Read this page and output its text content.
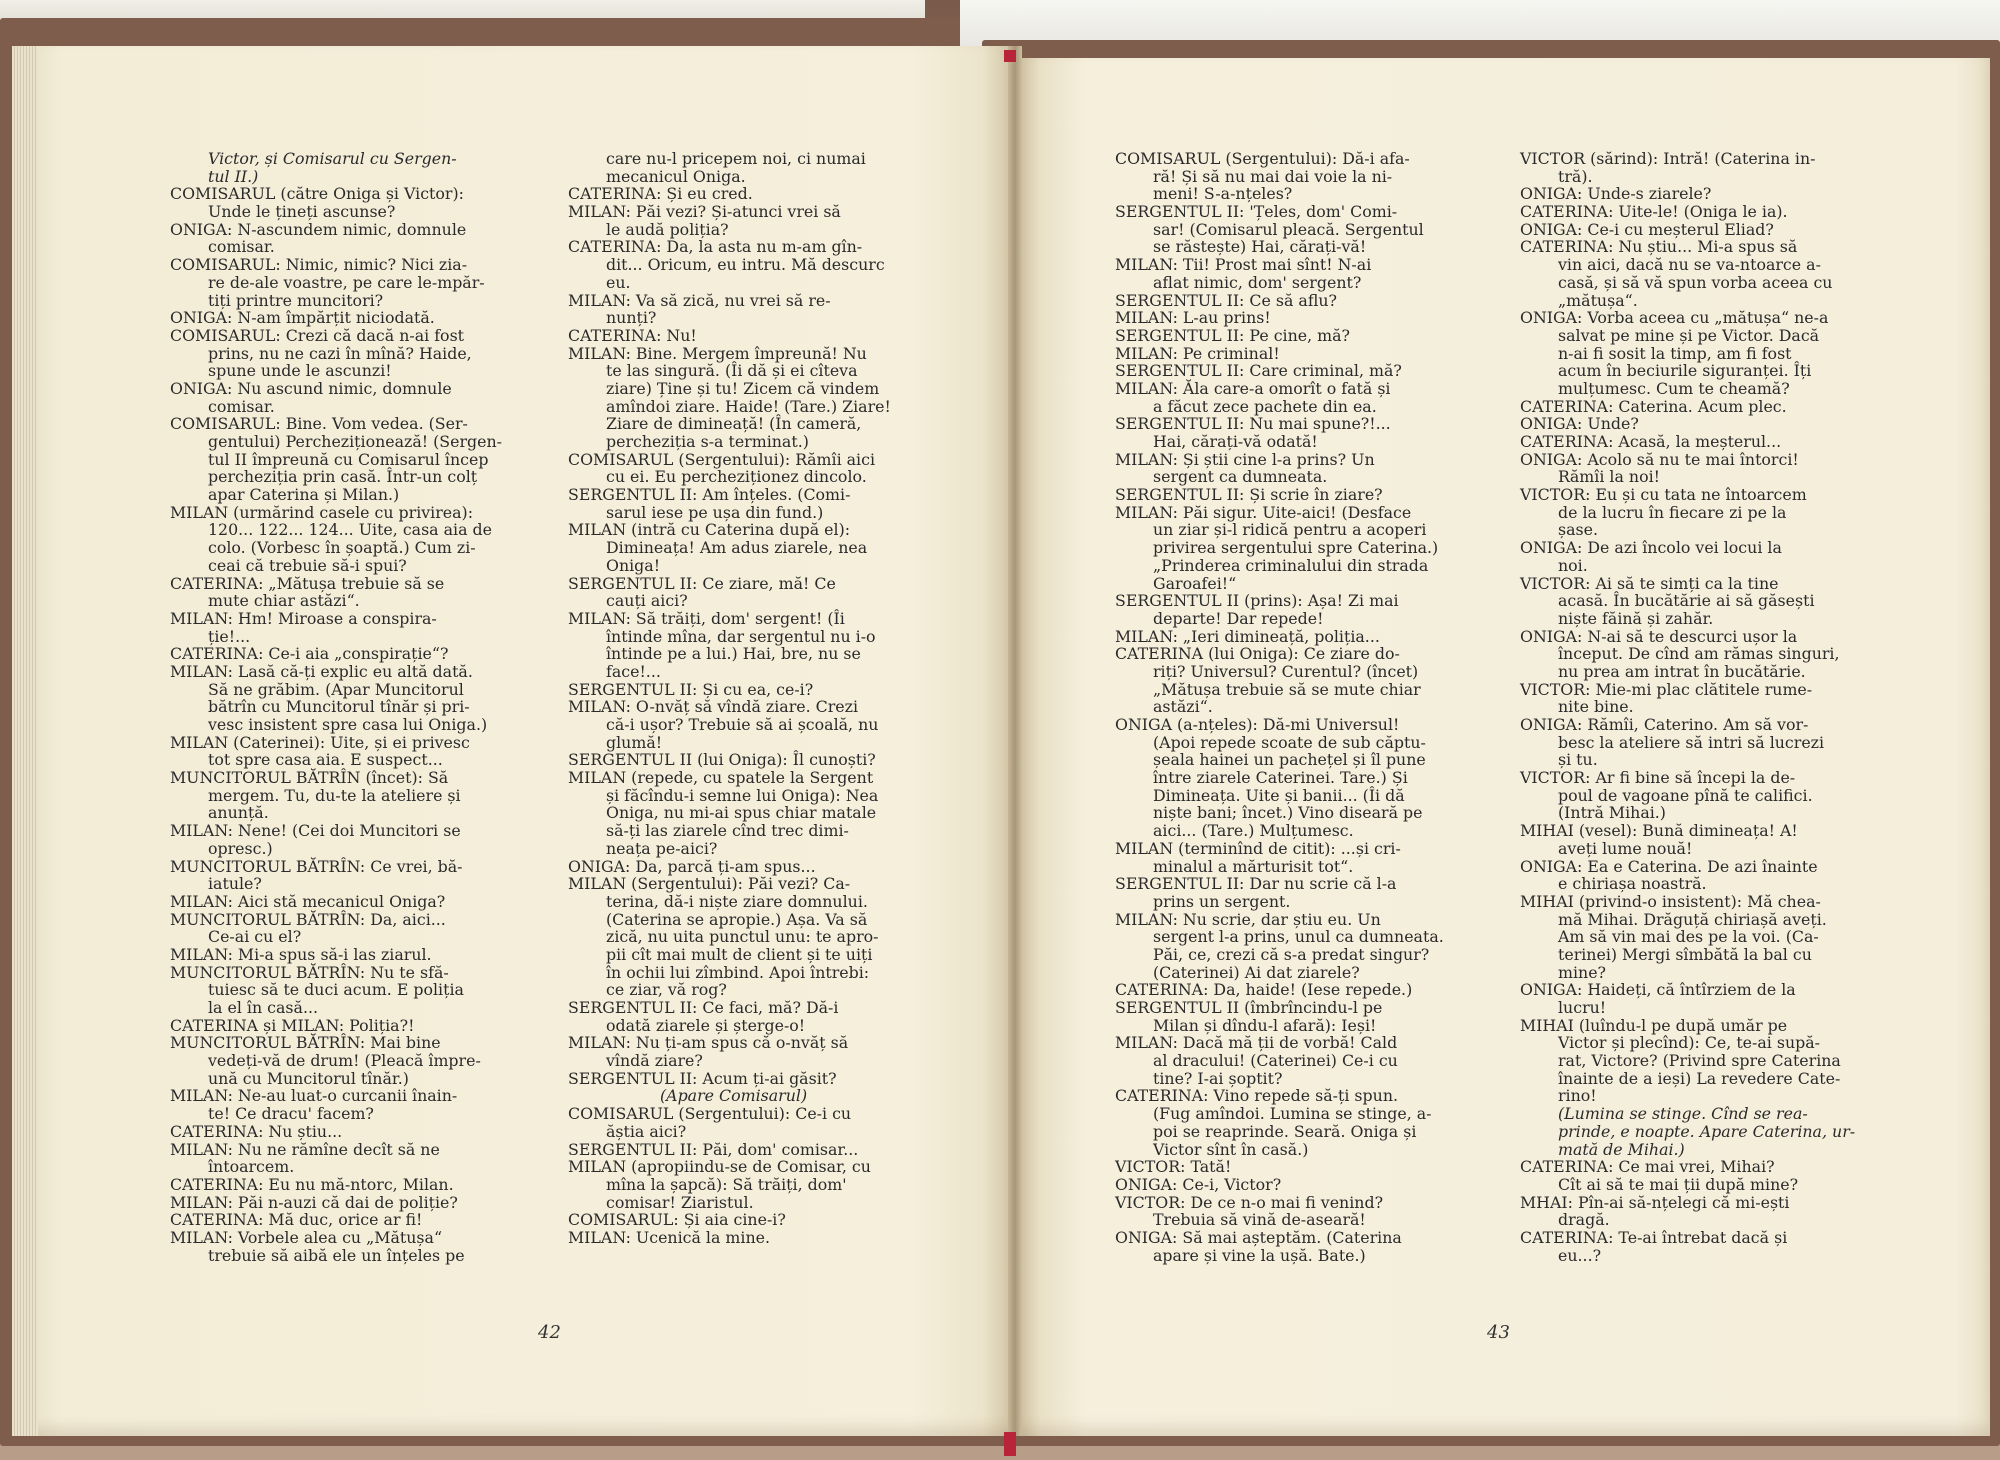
Victor, și Comisarul cu Sergen-
tul II.)
COMISARUL (către Oniga și Victor):
Unde le țineți ascunse?
ONIGA: N-ascundem nimic, domnule
comisar.
COMISARUL: Nimic, nimic? Nici zia-
re de-ale voastre, pe care le-mpăr-
tiți printre muncitori?
ONIGA: N-am împărțit niciodată.
COMISARUL: Crezi că dacă n-ai fost
prins, nu ne cazi în mînă? Haide,
spune unde le ascunzi!
ONIGA: Nu ascund nimic, domnule
comisar.
COMISARUL: Bine. Vom vedea. (Ser-
gentului) Percheziționează! (Sergen-
tul II împreună cu Comisarul încep
percheziția prin casă. Într-un colț
apar Caterina și Milan.)
MILAN (urmărind casele cu privirea):
120... 122... 124... Uite, casa aia de
colo. (Vorbesc în șoaptă.) Cum zi-
ceai că trebuie să-i spui?
CATERINA: „Mătușa trebuie să se
mute chiar astăzi“.
MILAN: Hm! Miroase a conspira-
ție!...
CATERINA: Ce-i aia „conspirație“?
MILAN: Lasă că-ți explic eu altă dată.
Să ne grăbim. (Apar Muncitorul
bătrîn cu Muncitorul tînăr și pri-
vesc insistent spre casa lui Oniga.)
MILAN (Caterinei): Uite, și ei privesc
tot spre casa aia. E suspect...
MUNCITORUL BĂTRÎN (încet): Să
mergem. Tu, du-te la ateliere și
anunță.
MILAN: Nene! (Cei doi Muncitori se
opresc.)
MUNCITORUL BĂTRÎN: Ce vrei, bă-
iatule?
MILAN: Aici stă mecanicul Oniga?
MUNCITORUL BĂTRÎN: Da, aici...
Ce-ai cu el?
MILAN: Mi-a spus să-i las ziarul.
MUNCITORUL BĂTRÎN: Nu te sfă-
tuiesc să te duci acum. E poliția
la el în casă...
CATERINA și MILAN: Poliția?!
MUNCITORUL BĂTRÎN: Mai bine
vedeți-vă de drum! (Pleacă împre-
ună cu Muncitorul tînăr.)
MILAN: Ne-au luat-o curcanii înain-
te! Ce dracu' facem?
CATERINA: Nu știu...
MILAN: Nu ne rămîne decît să ne
întoarcem.
CATERINA: Eu nu mă-ntorc, Milan.
MILAN: Păi n-auzi că dai de poliție?
CATERINA: Mă duc, orice ar fi!
MILAN: Vorbele alea cu „Mătușa“
trebuie să aibă ele un înțeles pe
care nu-l pricepem noi, ci numai
mecanicul Oniga.
CATERINA: Și eu cred.
MILAN: Păi vezi? Și-atunci vrei să
le audă poliția?
CATERINA: Da, la asta nu m-am gîn-
dit... Oricum, eu intru. Mă descurc
eu.
MILAN: Va să zică, nu vrei să re-
nunți?
CATERINA: Nu!
MILAN: Bine. Mergem împreună! Nu
te las singură. (Îi dă și ei cîteva
ziare) Ține și tu! Zicem că vindem
amîndoi ziare. Haide! (Tare.) Ziare!
Ziare de dimineață! (În cameră,
percheziția s-a terminat.)
COMISARUL (Sergentului): Rămîi aici
cu ei. Eu percheziționez dincolo.
SERGENTUL II: Am înțeles. (Comi-
sarul iese pe ușa din fund.)
MILAN (intră cu Caterina după el):
Dimineața! Am adus ziarele, nea
Oniga!
SERGENTUL II: Ce ziare, mă! Ce
cauți aici?
MILAN: Să trăiți, dom' sergent! (Îi
întinde mîna, dar sergentul nu i-o
întinde pe a lui.) Hai, bre, nu se
face!...
SERGENTUL II: Și cu ea, ce-i?
MILAN: O-nvăț să vîndă ziare. Crezi
că-i ușor? Trebuie să ai școală, nu
glumă!
SERGENTUL II (lui Oniga): Îl cunoști?
MILAN (repede, cu spatele la Sergent
și făcîndu-i semne lui Oniga): Nea
Oniga, nu mi-ai spus chiar matale
să-ți las ziarele cînd trec dimi-
neața pe-aici?
ONIGA: Da, parcă ți-am spus...
MILAN (Sergentului): Păi vezi? Ca-
terina, dă-i niște ziare domnului.
(Caterina se apropie.) Așa. Va să
zică, nu uita punctul unu: te apro-
pii cît mai mult de client și te uiți
în ochii lui zîmbind. Apoi întrebi:
ce ziar, vă rog?
SERGENTUL II: Ce faci, mă? Dă-i
odată ziarele și șterge-o!
MILAN: Nu ți-am spus că o-nvăț să
vîndă ziare?
SERGENTUL II: Acum ți-ai găsit?
(Apare Comisarul)
COMISARUL (Sergentului): Ce-i cu
ăștia aici?
SERGENTUL II: Păi, dom' comisar...
MILAN (apropiindu-se de Comisar, cu
mîna la șapcă): Să trăiți, dom'
comisar! Ziaristul.
COMISARUL: Și aia cine-i?
MILAN: Ucenică la mine.
COMISARUL (Sergentului): Dă-i afa-
ră! Și să nu mai dai voie la ni-
meni! S-a-nțeles?
SERGENTUL II: 'Țeles, dom' Comi-
sar! (Comisarul pleacă. Sergentul
se răstește) Hai, cărați-vă!
MILAN: Tii! Prost mai sînt! N-ai
aflat nimic, dom' sergent?
SERGENTUL II: Ce să aflu?
MILAN: L-au prins!
SERGENTUL II: Pe cine, mă?
MILAN: Pe criminal!
SERGENTUL II: Care criminal, mă?
MILAN: Ăla care-a omorît o fată și
a făcut zece pachete din ea.
SERGENTUL II: Nu mai spune?!...
Hai, cărați-vă odată!
MILAN: Și știi cine l-a prins? Un
sergent ca dumneata.
SERGENTUL II: Și scrie în ziare?
MILAN: Păi sigur. Uite-aici! (Desface
un ziar și-l ridică pentru a acoperi
privirea sergentului spre Caterina.)
„Prinderea criminalului din strada
Garoafei!“
SERGENTUL II (prins): Așa! Zi mai
departe! Dar repede!
MILAN: „Ieri dimineață, poliția...
CATERINA (lui Oniga): Ce ziare do-
riți? Universul? Curentul? (încet)
„Mătușa trebuie să se mute chiar
astăzi“.
ONIGA (a-nțeles): Dă-mi Universul!
(Apoi repede scoate de sub căptu-
șeala hainei un pachețel și îl pune
între ziarele Caterinei. Tare.) Și
Dimineața. Uite și banii... (Îi dă
niște bani; încet.) Vino diseară pe
aici... (Tare.) Mulțumesc.
MILAN (terminînd de citit): ...și cri-
minalul a mărturisit tot“.
SERGENTUL II: Dar nu scrie că l-a
prins un sergent.
MILAN: Nu scrie, dar știu eu. Un
sergent l-a prins, unul ca dumneata.
Păi, ce, crezi că s-a predat singur?
(Caterinei) Ai dat ziarele?
CATERINA: Da, haide! (Iese repede.)
SERGENTUL II (îmbrîncindu-l pe
Milan și dîndu-l afară): Ieși!
MILAN: Dacă mă ții de vorbă! Cald
al dracului! (Caterinei) Ce-i cu
tine? I-ai șoptit?
CATERINA: Vino repede să-ți spun.
(Fug amîndoi. Lumina se stinge, a-
poi se reaprinde. Seară. Oniga și
Victor sînt în casă.)
VICTOR: Tată!
ONIGA: Ce-i, Victor?
VICTOR: De ce n-o mai fi venind?
Trebuia să vină de-aseară!
ONIGA: Să mai așteptăm. (Caterina
apare și vine la ușă. Bate.)
VICTOR (sărind): Intră! (Caterina in-
tră).
ONIGA: Unde-s ziarele?
CATERINA: Uite-le! (Oniga le ia).
ONIGA: Ce-i cu meșterul Eliad?
CATERINA: Nu știu... Mi-a spus să
vin aici, dacă nu se va-ntoarce a-
casă, și să vă spun vorba aceea cu
„mătușa“.
ONIGA: Vorba aceea cu „mătușa“ ne-a
salvat pe mine și pe Victor. Dacă
n-ai fi sosit la timp, am fi fost
acum în beciurile siguranței. Îți
mulțumesc. Cum te cheamă?
CATERINA: Caterina. Acum plec.
ONIGA: Unde?
CATERINA: Acasă, la meșterul...
ONIGA: Acolo să nu te mai întorci!
Rămîi la noi!
VICTOR: Eu și cu tata ne întoarcem
de la lucru în fiecare zi pe la
șase.
ONIGA: De azi încolo vei locui la
noi.
VICTOR: Ai să te simți ca la tine
acasă. În bucătărie ai să găsești
niște făină și zahăr.
ONIGA: N-ai să te descurci ușor la
început. De cînd am rămas singuri,
nu prea am intrat în bucătărie.
VICTOR: Mie-mi plac clătitele rume-
nite bine.
ONIGA: Rămîi, Caterino. Am să vor-
besc la ateliere să intri să lucrezi
și tu.
VICTOR: Ar fi bine să începi la de-
poul de vagoane pînă te califici.
(Intră Mihai.)
MIHAI (vesel): Bună dimineața! A!
aveți lume nouă!
ONIGA: Ea e Caterina. De azi înainte
e chiriașa noastră.
MIHAI (privind-o insistent): Mă chea-
mă Mihai. Drăguță chiriașă aveți.
Am să vin mai des pe la voi. (Ca-
terinei) Mergi sîmbătă la bal cu
mine?
ONIGA: Haideți, că întîrziem de la
lucru!
MIHAI (luîndu-l pe după umăr pe
Victor și plecînd): Ce, te-ai supă-
rat, Victore? (Privind spre Caterina
înainte de a ieși) La revedere Cate-
rino!
(Lumina se stinge. Cînd se rea-
prinde, e noapte. Apare Caterina, ur-
mată de Mihai.)
CATERINA: Ce mai vrei, Mihai?
Cît ai să te mai ții după mine?
MHAI: Pîn-ai să-nțelegi că mi-ești
dragă.
CATERINA: Te-ai întrebat dacă și
eu...?
42	43
